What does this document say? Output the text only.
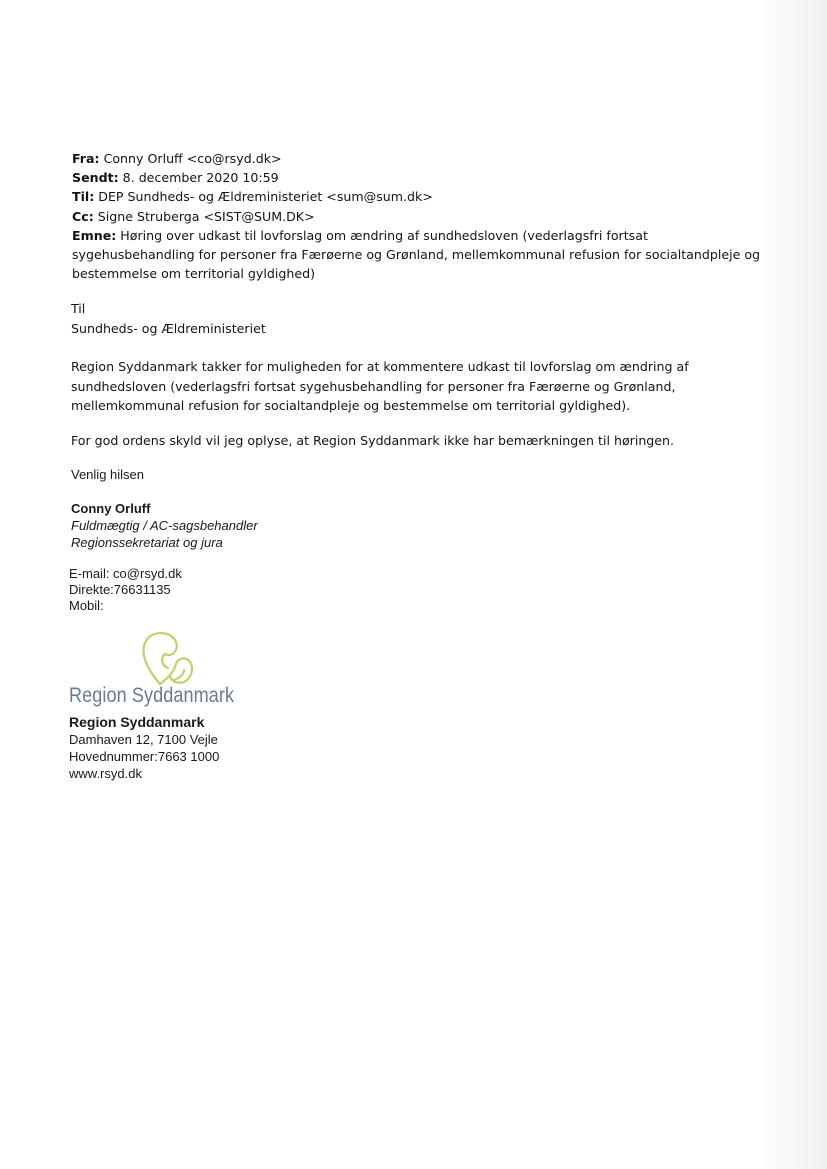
Fra: Conny Orluff <co@rsyd.dk>

Sendt: 8. december 2020 10:59

Til: DEP Sundheds- og Ældreministeriet <sum@sum.dk>

Cc: Signe Struberga <SIST@SUM.DK>

Emne: Høring over udkast til lovforslag om ændring af sundhedsloven (vederlagsfri fortsat sygehusbehandling for personer fra Færøerne og Grønland, mellemkommunal refusion for socialtandpleje og bestemmelse om territorial gyldighed)

Til

Sundheds- og Ældreministeriet

Region Syddanmark takker for muligheden for at kommentere udkast til lovforslag om ændring af sundhedsloven (vederlagsfri fortsat sygehusbehandling for personer fra Færøerne og Grønland, mellemkommunal refusion for socialtandpleje og bestemmelse om territorial gyldighed).

For god ordens skyld vil jeg oplyse, at Region Syddanmark ikke har bemærkningen til høringen.

Venlig hilsen
Conny Orluff
Fuldmægtig / AC-sagsbehandler
Regionssekretariat og jura
E-mail: co@rsyd.dk
Direkte:76631135
Mobil:
Region Syddanmark
Region Syddanmark
Damhaven 12, 7100 Vejle
Hovednummer:7663 1000
www.rsyd.dk
